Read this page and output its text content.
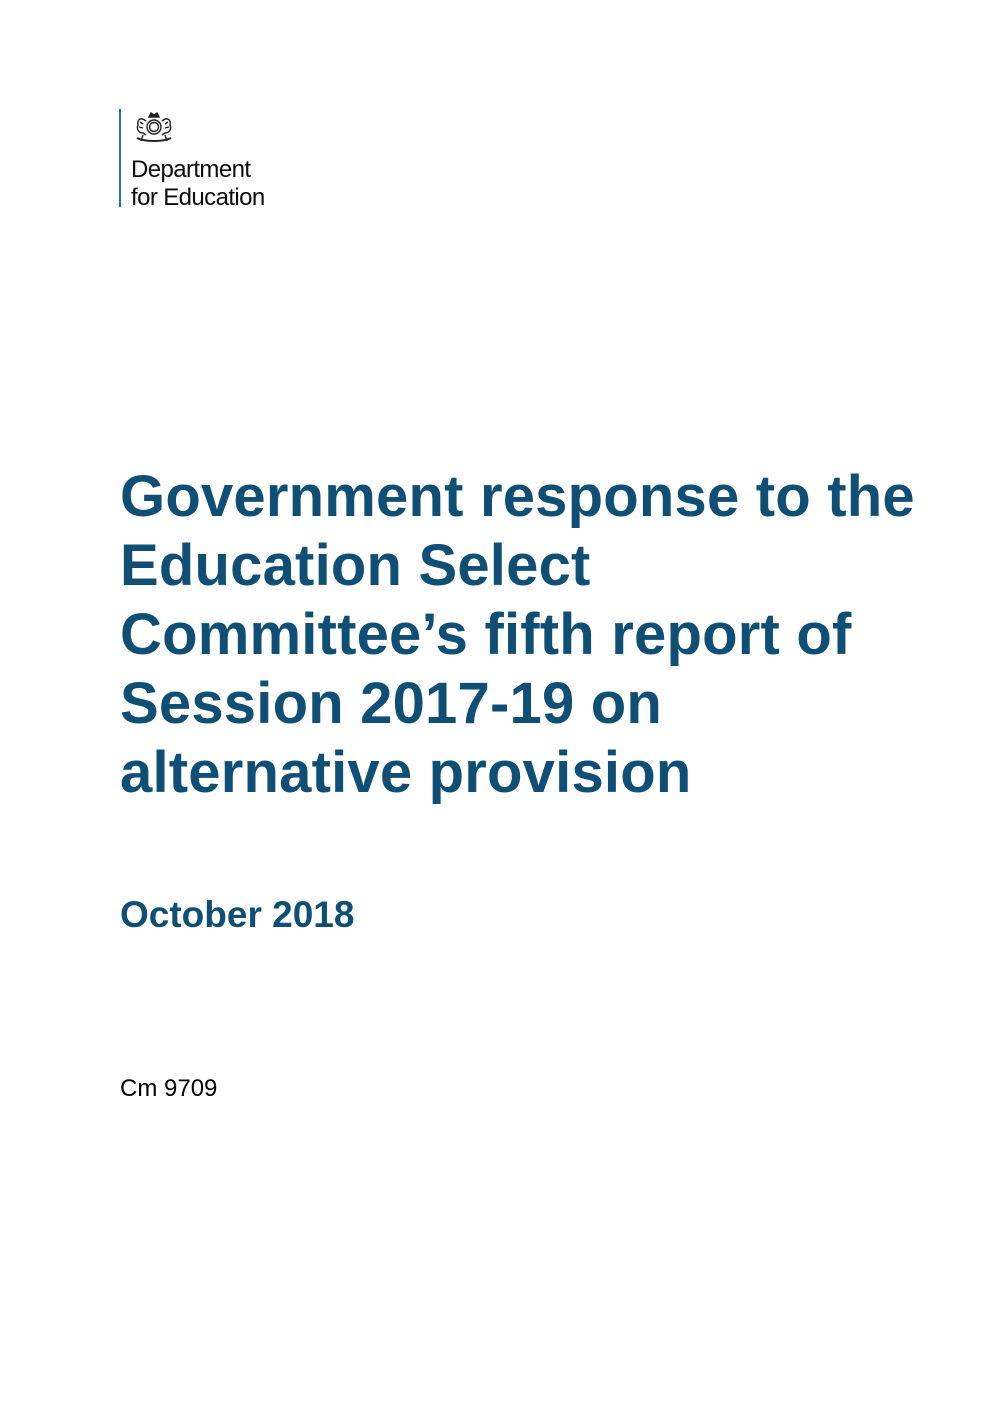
Department
for Education
Government response to the Education Select Committee’s fifth report of Session 2017-19 on alternative provision
October 2018

Cm 9709
